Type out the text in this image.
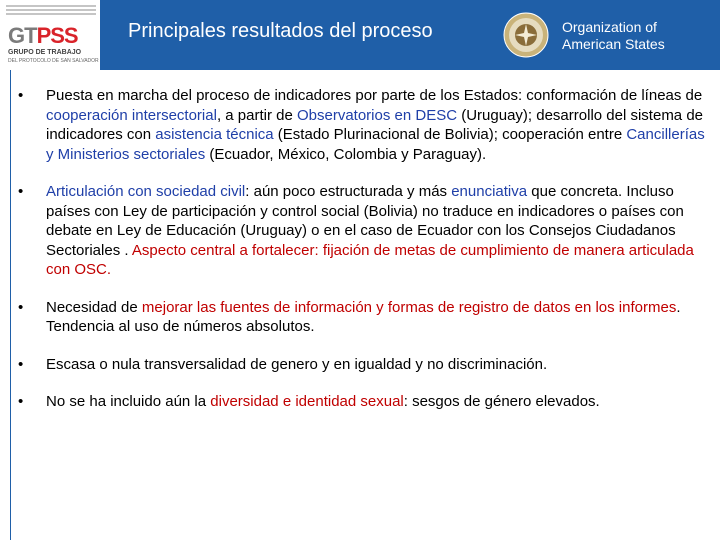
GTPSS
GRUPO DE TRABAJO
DEL PROTOCOLO DE SAN SALVADOR
Principales resultados del proceso	Organization of
American States
• Puesta en marcha del proceso de indicadores por parte de los Estados: conformación de líneas de cooperación intersectorial, a partir de Observatorios en DESC (Uruguay); desarrollo del sistema de indicadores con asistencia técnica (Estado Plurinacional de Bolivia); cooperación entre Cancillerías y Ministerios sectoriales (Ecuador, México, Colombia y Paraguay).
• Articulación con sociedad civil: aún poco estructurada y más enunciativa que concreta. Incluso países con Ley de participación y control social (Bolivia) no traduce en indicadores o países con debate en Ley de Educación (Uruguay) o en el caso de Ecuador con los Consejos Ciudadanos Sectoriales . Aspecto central a fortalecer: fijación de metas de cumplimiento de manera articulada con OSC.
• Necesidad de mejorar las fuentes de información y formas de registro de datos en los informes. Tendencia al uso de números absolutos.
• Escasa o nula transversalidad de genero y en igualdad y no discriminación.
• No se ha incluido aún la diversidad e identidad sexual: sesgos de género elevados.
